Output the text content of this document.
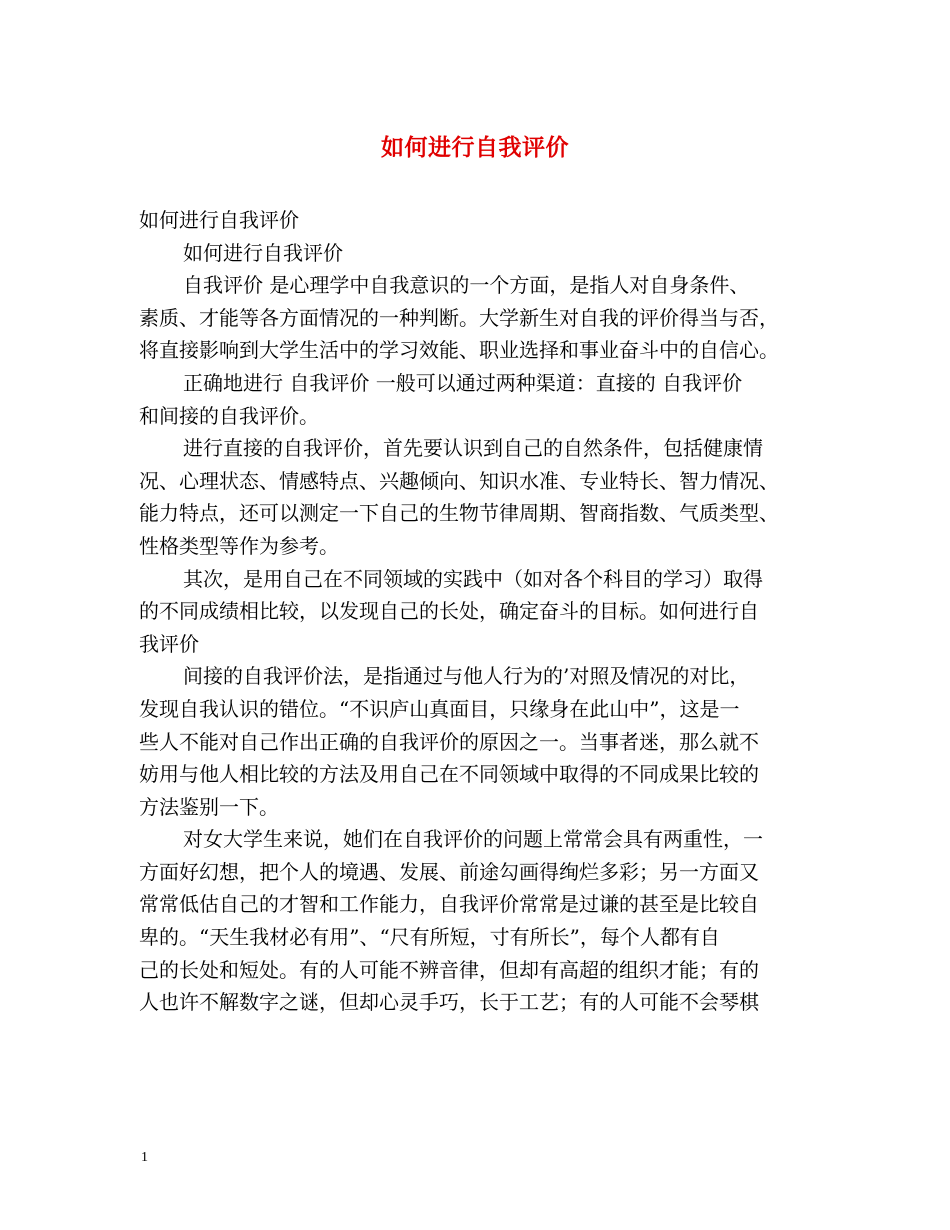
如何进行自我评价
如何进行自我评价
如何进行自我评价
自我评价 是心理学中自我意识的一个方面，是指人对自身条件、
素质、才能等各方面情况的一种判断。大学新生对自我的评价得当与否，
将直接影响到大学生活中的学习效能、职业选择和事业奋斗中的自信心。
正确地进行 自我评价 一般可以通过两种渠道：直接的 自我评价
和间接的自我评价。
进行直接的自我评价，首先要认识到自己的自然条件，包括健康情
况、心理状态、情感特点、兴趣倾向、知识水准、专业特长、智力情况、
能力特点，还可以测定一下自己的生物节律周期、智商指数、气质类型、
性格类型等作为参考。
其次，是用自己在不同领域的实践中（如对各个科目的学习）取得
的不同成绩相比较，以发现自己的长处，确定奋斗的目标。如何进行自
我评价
间接的自我评价法，是指通过与他人行为的’对照及情况的对比，
发现自我认识的错位。“不识庐山真面目，只缘身在此山中”，这是一
些人不能对自己作出正确的自我评价的原因之一。当事者迷，那么就不
妨用与他人相比较的方法及用自己在不同领域中取得的不同成果比较的
方法鉴别一下。
对女大学生来说，她们在自我评价的问题上常常会具有两重性，一
方面好幻想，把个人的境遇、发展、前途勾画得绚烂多彩；另一方面又
常常低估自己的才智和工作能力，自我评价常常是过谦的甚至是比较自
卑的。“天生我材必有用”、“尺有所短，寸有所长”，每个人都有自
己的长处和短处。有的人可能不辨音律，但却有高超的组织才能；有的
人也许不解数字之谜，但却心灵手巧，长于工艺；有的人可能不会琴棋
1
